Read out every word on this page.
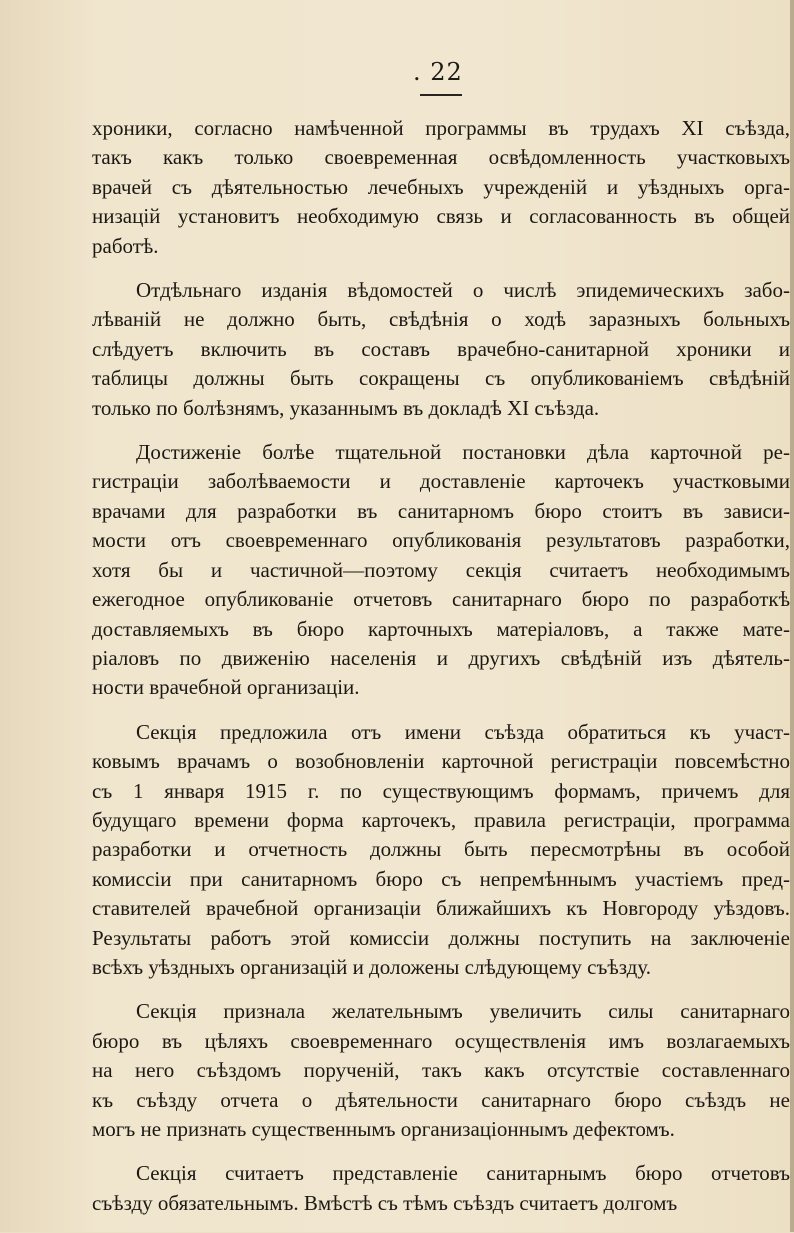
. 22
хроники, согласно намѣченной программы въ трудахъ XI съѣзда,
такъ какъ только своевременная освѣдомленность участковыхъ
врачей съ дѣятельностью лечебныхъ учрежденій и уѣздныхъ орга-
низацій установитъ необходимую связь и согласованность въ общей
работѣ.
Отдѣльнаго изданія вѣдомостей о числѣ эпидемическихъ забо-
лѣваній не должно быть, свѣдѣнія о ходѣ заразныхъ больныхъ
слѣдуетъ включить въ составъ врачебно-санитарной хроники и
таблицы должны быть сокращены съ опубликованіемъ свѣдѣній
только по болѣзнямъ, указаннымъ въ докладѣ XI съѣзда.
Достиженіе болѣе тщательной постановки дѣла карточной ре-
гистраціи заболѣваемости и доставленіе карточекъ участковыми
врачами для разработки въ санитарномъ бюро стоитъ въ зависи-
мости отъ своевременнаго опубликованія результатовъ разработки,
хотя бы и частичной—поэтому секція считаетъ необходимымъ
ежегодное опубликованіе отчетовъ санитарнаго бюро по разработкѣ
доставляемыхъ въ бюро карточныхъ матеріаловъ, а также мате-
ріаловъ по движенію населенія и другихъ свѣдѣній изъ дѣятель-
ности врачебной организаціи.
Секція предложила отъ имени съѣзда обратиться къ участ-
ковымъ врачамъ о возобновленіи карточной регистраціи повсемѣстно
съ 1 января 1915 г. по существующимъ формамъ, причемъ для
будущаго времени форма карточекъ, правила регистраціи, программа
разработки и отчетность должны быть пересмотрѣны въ особой
комиссіи при санитарномъ бюро съ непремѣннымъ участіемъ пред-
ставителей врачебной организаціи ближайшихъ къ Новгороду уѣздовъ.
Результаты работъ этой комиссіи должны поступить на заключеніе
всѣхъ уѣздныхъ организацій и доложены слѣдующему съѣзду.
Секція признала желательнымъ увеличить силы санитарнаго
бюро въ цѣляхъ своевременнаго осуществленія имъ возлагаемыхъ
на него съѣздомъ порученій, такъ какъ отсутствіе составленнаго
къ съѣзду отчета о дѣятельности санитарнаго бюро съѣздъ не
могъ не признать существеннымъ организаціоннымъ дефектомъ.
Секція считаетъ представленіе санитарнымъ бюро отчетовъ
съѣзду обязательнымъ. Вмѣстѣ съ тѣмъ съѣздъ считаетъ долгомъ
